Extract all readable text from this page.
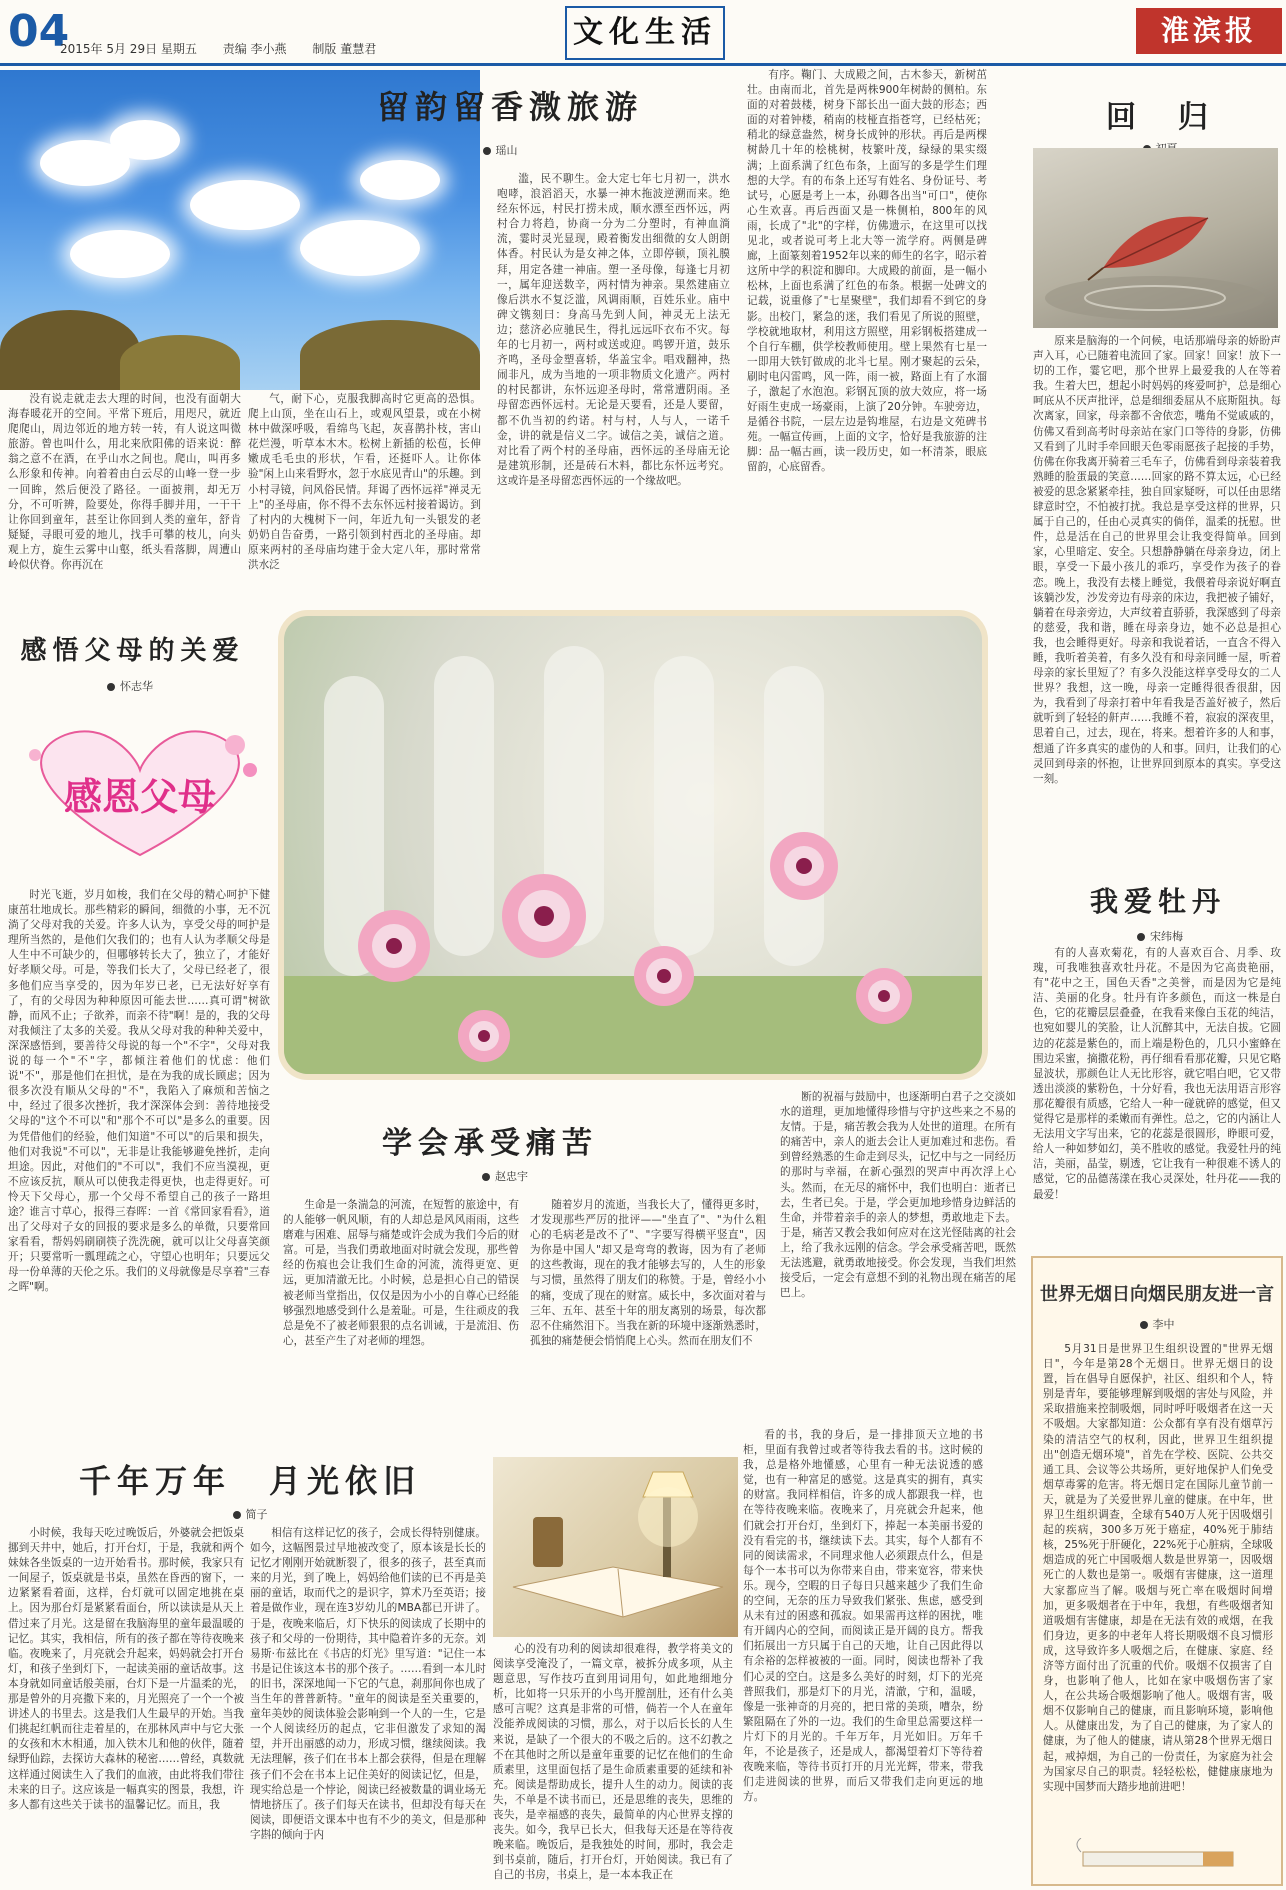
04
2015年 5月 29日 星期五 责编 李小燕 制版 董慧君	文化生活	淮滨报
留韵留香溦旅游
瑶山

没有说走就走去大理的时间，也没有面朝大海春暖花开的空间。平常下班后，用咫尺，就近爬爬山，周边邻近的地方转一转，有人说这叫微旅游。曾也叫什么，用北来欣阳佛的语来说：醉翁之意不在酒，在乎山水之间也。爬山，叫再多么形象和传神。向着着由白云尽的山峰一登一步一回眸，然后便没了路径。一面披荆，却无万分，不可听辨，险要处，你得手脚并用，一干干让你回到童年，甚至让你回到人类的童年，舒肯疑疑，寻眼可爱的地儿，找手可攀的枝儿，向头观上方，旋生云雾中山壑，纸头看落脚，周遭山岭似伏脊。你再沉在

气，耐下心，克服我脚高时它更高的恐惧。爬上山顶，坐在山石上，或观风望景，或在小树林中做深呼吸，看绵鸟飞起，灰喜鹊扑枝，害山花烂漫，听草本木木。松树上新插的松苞，长伸嫩成毛毛虫的形状，乍看，还挺吓人。让你体验"闲上山来看野水，忽于水底见青山"的乐趣。到小村寻镜，问风俗民情。拜谒了西怀远祥"禅灵无上"的圣母庙，你不得不去东怀远村接着谒访。到了村内的大槐树下一问，年近九旬一头银发的老奶奶自告奋勇，一路引领到村西北的圣母庙。却原来两村的圣母庙均建于金大定八年，那时常常洪水泛

滥，民不聊生。金大定七年七月初一，洪水咆哮，浪滔滔天，水暴一神木拖波逆溯而来。绝经东怀远，村民打捞未成，顺水漂至西怀远，两村合力将趋，协商一分为二分塑时，有神血淌流，霎时灵光显现，殿着衡发出细微的女人朗朗体香。村民认为是女神之体，立即停顿，顶礼膜拜，用定各建一神庙。塑一圣母像，每逢七月初一，属年迎送数辛，两村情为神亲。果然建庙立像后洪水不复泛滥，风调雨顺，百姓乐业。庙中碑文镌刻曰：身高马先到人间，神灵无上法无边；慈济必应驰民生，得扎远远吓衣布不灾。每年的七月初一，两村或送或迎。鸣锣开道，鼓乐齐鸣，圣母金塑喜轿，华盖宝伞。唱戏翻神，热闹非凡，成为当地的一项非物质文化遗产。两村的村民都讲，东怀远迎圣母时，常常遭阴雨。圣母留恋西怀远村。无论是天要看，还是人要留，都不仇当初的约诺。村与村，人与人，一诺千金，讲的就是信义二字。诚信之美，诚信之道。对比看了两个村的圣母庙，西怀远的圣母庙无论是建筑形制，还是砖石木料，都比东怀远考究。这或许是圣母留恋西怀远的一个缘故吧。

有序。鞠门、大成殿之间，古木参天，新树茁壮。由南而北，首先是两株900年树龄的侧柏。东面的对着鼓楼，树身下部长出一面大鼓的形态；西面的对着钟楼，稍南的枝桠直指苍穹，已经枯死；稍北的绿意盎然，树身长成钟的形状。再后是两棵树龄几十年的桧桃树，枝繁叶茂，绿绿的果实缀满；上面系满了红色布条，上面写的多是学生们理想的大学。有的布条上还写有姓名、身份证号、考试号，心愿是考上一本，孙卿各出当"可口"，使你心生欢喜。再后西面又是一株侧柏，800年的风雨，长成了"北"的字样，仿佛遗示，在这里可以找见北，或者说可考上北大等一流学府。两侧是碑廊，上面篆刻着1952年以来的师生的名字，昭示着这所中学的积淀和脚印。大成殿的前面，是一幅小松林，上面也系满了红色的布条。根据一处碑文的记载，说重修了"七星聚壁"，我们却看不到它的身影。出校门，紧急的迷，我们看见了所说的照壁，学校就地取材，利用这方照壁，用彩钢板搭建成一个自行车棚，供学校教师使用。壁上果然有七星一一即用大铁钉做成的北斗七星。刚才聚起的云朵，刷时电闪雷鸣，风一阵，雨一被，路面上有了水溜子，激起了水泡泡。彩钢瓦顶的放大效应，将一场好雨生吏成一场豪雨，上演了20分钟。车驶旁边，是循谷书院，一层左边是钩堆屋，右边是文苑碑书苑。一幅宣传画，上面的文字，恰好是我旅游的注脚：品一幅古画，读一段历史，如一杯清茶，眼底留韵，心底留香。

回　归

原来是脑海的一个问候，电话那端母亲的娇盼声声入耳，心已随着电流回了家。回家！回家！放下一切的工作，霎它吧，那个世界上最爱我的人在等着我。生着大巴，想起小时妈妈的疼爱呵护，总是细心呵底从不厌声批评，总是细细委屈从不底斯阻执。每次离家，回家，母亲都不舍依恋，嘴角不觉戚戚的，仿佛又看到高考时母亲站在家门口等待的身影，仿佛又看到了儿时手牵回眼天色零雨愿孩子起接的手势，仿佛在你我离开骑着三毛车子，仿佛看到母亲装着我熟睡的脸蛋最的笑意……回家的路不算太远，心已经被爱的思念紧紧牵挂，独自回家疑呀，可以任由思绪肆意时空，不怕被打扰。我总是享受这样的世界，只属于自己的，任由心灵真实的倘佯，温柔的抚慰。世件，总是活在自己的世界里会让我变得简单。回到家，心里暗定、安全。只想静静躺在母亲身边，闭上眼，享受一下最小孩儿的乖巧，享受作为孩子的眷恋。晚上，我没有去楼上睡觉，我偎着母亲说好啊直该躺沙发，沙发旁边有母亲的床边，我把被子铺好，躺着在母亲旁边，大声纹着直骄骄，我深感到了母亲的慈爱，我和谐，睡在母亲身边，她不必总是担心我，也会睡得更好。母亲和我说着话，一直含不得入睡，我听着美着，有多久没有和母亲同睡一屋，听着母亲的家长里短了？有多久没能这样享受母女的二人世界？我想，这一晚，母亲一定睡得很香很甜，因为，我看到了母亲打着中年看我是否盖好被子，然后就听到了轻轻的鼾声……我睡不着，寂寂的深夜里，思着自己，过去，现在，将来。想着许多的人和事，想通了许多真实的虚伪的人和事。回归，让我们的心灵回到母亲的怀抱，让世界回到原本的真实。享受这一刻。

感悟父母的关爱
怀志华
感恩父母

时光飞逝，岁月如梭，我们在父母的精心呵护下健康茁壮地成长。那些精彩的瞬间，细微的小事，无不沉淌了父母对我的关爱。许多人认为，享受父母的呵护是理所当然的，是他们欠我们的；也有人认为孝顺父母是人生中不可缺少的，但哪够转长大了，独立了，才能好好孝顺父母。可是，等我们长大了，父母已经老了，很多他们应当享受的，因为年岁已老，已无法好好享有了，有的父母因为种种原因可能去世……真可谓"树欲静，而风不止；子欲养，而亲不待"啊！是的，我的父母对我倾注了太多的关爱。我从父母对我的种种关爱中，深深感悟到，要善待父母说的每一个"不字"，父母对我说的每一个"不"字，都倾注着他们的忧虑：他们说"不"，那是他们在担忧，是在为我的成长顾虑；因为很多次没有顺从父母的"不"，我陷入了麻烦和苦恼之中，经过了很多次挫折，我才深深体会到：善待地接受父母的"这个不可以"和"那个不可以"是多么的重要。因为凭借他们的经验，他们知道"不可以"的后果和损失，他们对我说"不可以"，无非是让我能够避免挫折，走向坦途。因此，对他们的"不可以"，我们不应当漠视，更不应该反抗，顺从可以使我走得更快，也走得更好。可怜天下父母心，那一个父母不希望自己的孩子一路坦途？谁言寸草心，报得三春晖：一首《常回家看看》，道出了父母对子女的回报的要求是多么的单微，只要常回家看看，帮妈妈刷刷筷子洗洗碗，就可以让父母喜笑颜开；只要常听一瓢理疏之心，守望心也明年；只要远父母一份单薄的天伦之乐。我们的义母就像是尽享着"三春之晖"啊。

我爱牡丹
宋纬梅

有的人喜欢菊花，有的人喜欢百合、月季、玫瑰，可我唯独喜欢牡丹花。不是因为它高贵艳丽，有"花中之王，国色天香"之美誉，而是因为它是纯洁、美丽的化身。牡丹有许多颜色，而这一株是白色，它的花瓣层层叠叠，在我看来像白玉花的纯洁，也宛如婴儿的笑脸，让人沉醉其中，无法自拔。它圆边的花蕊是紫色的，而上端是粉色的，几只小蜜蜂在围边采蜜，摘撒花粉，再仔细看看那花瓣，只见它略显波状，那颜色让人无比形容，就它唱白吧，它又带透出淡淡的紫粉色，十分好看，我也无法用语言形容那花瓣很有质感，它给人一种一碰就碎的感觉，但又觉得它是那样的柔嫩而有弹性。总之，它的内涵让人无法用文字写出来，它的花蕊是很圆形，睁眼可爱，给人一种如梦如幻，美不胜收的感觉。我爱牡丹的纯洁，美丽，晶莹，剔透，它让我有一种很难不诱人的感觉，它的品德荡漾在我心灵深处，牡丹花——我的最爱！

学会承受痛苦
赵忠宇

生命是一条湍急的河流，在短暂的旅途中，有的人能够一帆风顺，有的人却总是风风雨雨，这些磨难与困难、屈辱与痛楚或许会成为我们今后的财富。可是，当我们勇敢地面对时就会发现，那些曾经的伤痕也会让我们生命的河流，流得更宽、更远，更加清澈无比。小时候，总是担心自己的错误被老师当堂指出，仅仅是因为小小的自尊心已经能够强烈地感受到什么是羞耻。可是，生往顽皮的我总是免不了被老师狠狠的点名训诫，于是流泪、伤心，甚至产生了对老师的埋怨。

随着岁月的流逝，当我长大了，懂得更多时，才发现那些严厉的批评——"坐直了"、"为什么粗心的毛病老是改不了"、"字要写得横平竖直"，因为你是中国人"却又是弯弯的教诲，因为有了老师的这些教诲，现在的我才能够去写的，人生的形象与习惯，虽然得了朋友们的称赞。于是，曾经小小的痛，变成了现在的财富。威长中，多次面对着与三年、五年、甚至十年的朋友离别的场景，每次都忍不住痛然泪下。当我在新的环境中逐渐熟悉时，孤独的痛楚便会悄悄爬上心头。然而在朋友们不

断的祝福与鼓励中，也逐渐明白君子之交淡如水的道理，更加地懂得珍惜与守护这些来之不易的友情。于是，痛苦教会我为人处世的道理。在所有的痛苦中，亲人的逝去会让人更加难过和悲伤。看到曾经熟悉的生命走到尽头，记忆中与之一同经历的那时与幸福，在新心强烈的哭声中再次浮上心头。然而，在无尽的痛怀中，我们也明白：逝者已去，生者已矣。于是，学会更加地珍惜身边鲜活的生命，并带着亲手的亲人的梦想，勇敢地走下去。于是，痛苦又教会我如何应对在这光怪陆离的社会上，给了我永远刚的信念。学会承受痛苦吧，既然无法逃避，就勇敢地接受。你会发现，当我们坦然接受后，一定会有意想不到的礼物出现在痛苦的尾巴上。

千年万年　月光依旧
简子

小时候，我每天吃过晚饭后，外婆就会把饭桌挪到天井中，她后，打开台灯，于是，我就和两个妹妹各坐饭桌的一边开始看书。那时候，我家只有一间屋子，饭桌就是书桌，虽然在昏西的窗下，一边紧紧看着面，这样，台灯就可以固定地挑在桌上。因为那台灯是紧紧看面台，所以读读是从天上借过来了月光。这是留在我脑海里的童年最温暖的记忆。其实，我相信，所有的孩子都在等待夜晚来临。夜晚来了，月亮就会升起来，妈妈就会打开台灯，和孩子坐到灯下，一起读美丽的童话故事。这本身就如同童话般美丽，台灯下是一片温柔的光，那是曾外的月亮撒下来的，月光照亮了一个一个被讲述人的书里去。这是我们人生最早的开始。当我们挑起红帆而往走着星的，在那林风声中与它大张的女孩和木木相通，加入铁木儿和他的伙伴，随着绿野仙踪，去探访大森林的秘密……曾经，真数就这样通过阅读生入了我们的血液，由此将我们带往未来的日子。这应该是一幅真实的图景，我想，许多人都有这些关于读书的温馨记忆。而且，我

相信有这样记忆的孩子，会成长得特别健康。如今，这幅图景过早地被改变了，原本该是长长的记忆才刚刚开始就断裂了，很多的孩子，甚至真而来的月光，到了晚上，妈妈给他们读的已不再是美丽的童话，取而代之的是识字，算术乃至英语；接着是做作业，现在连3岁幼儿的MBA都已开讲了。于是，夜晚来临后，灯下快乐的阅读成了长期中的孩子和父母的一份期待，其中隐着许多的无奈。刘易斯·布兹比在《书店的灯光》里写道："记住一本书是记住该这本书的那个孩子。……看到一本儿时的旧书，深深地闻一下它的气息，刹那间你也成了当生年的普普新特。"童年的阅读是至关重要的，童年美妙的阅读体验会影响到一个人的一生，它是一个人阅读经历的起点，它非但激发了求知的渴望，并开出丽感的动力，形成习惯，继续阅读。我无法理解，孩子们在书本上都会获得，但是在理解孩子们不会在书本上记住美好的阅读记忆，但是，现实给总是一个悖论，阅读已经被数量的调业场无情地挤压了。孩子们每天在读书，但却没有每天在阅读，即便语文课本中也有不少的美文，但是那种字斟的倾向于内

心的没有功利的阅读却很难得，教学将美文的阅读享受淹没了，一篇文章，被拆分成多项，从主题意思，写作技巧直到用词用句，如此地细地分析，比如将一只乐开的小鸟开膛剖肚，还有什么美感可言呢？这真是非常的可惜，倘若一个人在童年没能养成阅读的习惯，那么，对于以后长长的人生来说，是缺了一个很大的不吸之后的。这不幻教之不在其他时之所以是童年重要的记忆在他们的生命质素里，这里面包括了是生命质素重要的延续和补充。阅读是帮助成长，提升人生的动力。阅读的丧失，不单是不读书而已，还是思维的丧失，思维的丧失，是幸福感的丧失，最简单的内心世界支撑的丧失。如今，我早已长大，但我每天还是在等待夜晚来临。晚饭后，是我独处的时间，那时，我会走到书桌前，随后，打开台灯，开始阅读。我已有了自己的书房，书桌上，是一本本我正在

看的书，我的身后，是一排排顶天立地的书柜，里面有我曾过或者等待我去看的书。这时候的我，总是格外地懂感，心里有一种无法说透的感觉，也有一种富足的感觉。这是真实的拥有，真实的财富。我同样相信，许多的成人都跟我一样，也在等待夜晚来临。夜晚来了，月亮就会升起来，他们就会打开台灯，坐到灯下，捧起一本美丽书爱的没有看完的书，继续读下去。其实，每个人都有不同的阅读需求，不同理求他人必须跟点什么，但是每个一本书可以为你带来自由，带来宽容，带来快乐。现今，空暇的日子每日只越来越少了我们生命的空间，无奈的压力导致我们紧张、焦虑，感受到从未有过的困惑和孤寂。如果需再这样的困扰，唯有开阔内心的空间，而阅读正是开阔的良方。帮我们拓展出一方只属于自己的天地，让自己因此得以有余裕的怎样被被的一面。同时，阅读也帮补了我们心灵的空白。这是多么美好的时刻，灯下的光亮普照我们，那是灯下的月光，清澈，宁和，温暖，像是一张神奇的月亮的，把日常的美琐，嘈杂，纷繁阻隔在了外的一边。我们的生命里总需要这样一片灯下的月光的。千年万年，月光如旧。万年千年，不论是孩子，还是成人，都渴望着灯下等待着夜晚来临，等待书页打开的月光光辉，带来，带我们走进阅读的世界，而后又带我们走向更远的地方。

世界无烟日向烟民朋友进一言
李中

5月31日是世界卫生组织设置的"世界无烟日"，今年是第28个无烟日。世界无烟日的设置，旨在倡导自愿保护，社区、组织和个人，特别是青年，要能够理解到吸烟的害处与风险，并采取措施来控制吸烟，同时呼吁吸烟者在这一天不吸烟。大家都知道：公众都有享有没有烟草污染的清洁空气的权利，因此，世界卫生组织提出"创造无烟环境"，首先在学校、医院、公共交通工具、会议等公共场所，更好地保护人们免受烟草毒雾的危害。将无烟日定在国际儿童节前一天，就是为了关爱世界儿童的健康。在中年，世界卫生组织调查，全球有540万人死于因吸烟引起的疾病，300多万死于癌症，40%死于肺结核，25%死于肝硬化，22%死于心脏病，全球吸烟造成的死亡中国吸烟人数是世界第一，因吸烟死亡的人数也是第一。吸烟有害健康，这一道理大家都应当了解。吸烟与死亡率在吸烟时间增加，更多吸烟者在于中年，我想，有些吸烟者知道吸烟有害健康，却是在无法有效的戒烟，在我们身边，更多的中老年人将长期吸烟不良习惯形成，这导致许多人吸烟之后，在健康、家庭、经济等方面付出了沉重的代价。吸烟不仅损害了自身，也影响了他人，比如在家中吸烟伤害了家人，在公共场合吸烟影响了他人。吸烟有害，吸烟不仅影响自己的健康，而且影响环境，影响他人。从健康出发，为了自己的健康，为了家人的健康，为了他人的健康，请从第28个世界无烟日起，戒掉烟，为自己的一份责任，为家庭为社会为国家尽自己的职责。轻轻松松，健健康康地为实现中国梦而大踏步地前进吧！
